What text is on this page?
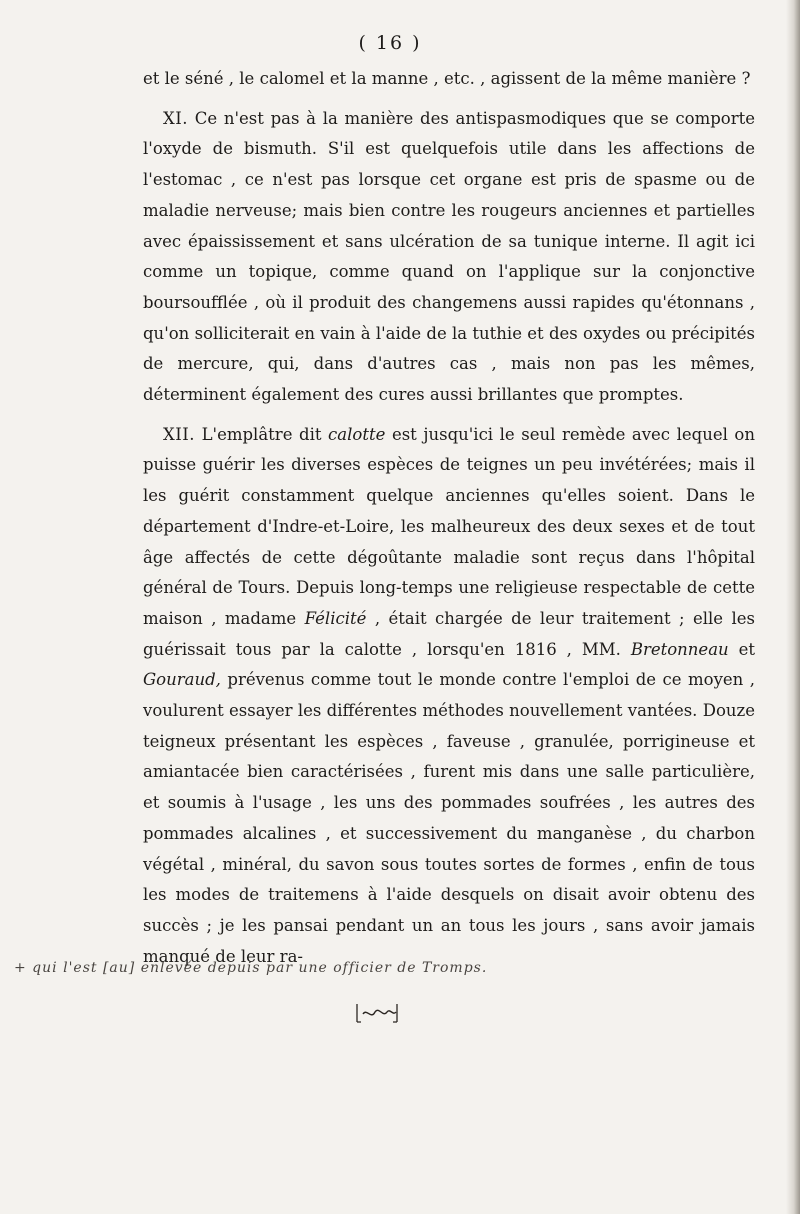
( 16 )

et le séné , le calomel et la manne , etc. , agissent de la même manière ?

XI. Ce n'est pas à la manière des antispasmodiques que se comporte l'oxyde de bismuth. S'il est quelquefois utile dans les affections de l'estomac , ce n'est pas lorsque cet organe est pris de spasme ou de maladie nerveuse; mais bien contre les rougeurs anciennes et partielles avec épaississement et sans ulcération de sa tunique interne. Il agit ici comme un topique, comme quand on l'applique sur la conjonctive boursoufflée , où il produit des changemens aussi rapides qu'étonnans , qu'on solliciterait en vain à l'aide de la tuthie et des oxydes ou précipités de mercure, qui, dans d'autres cas , mais non pas les mêmes, déterminent également des cures aussi brillantes que promptes.

XII. L'emplâtre dit calotte est jusqu'ici le seul remède avec lequel on puisse guérir les diverses espèces de teignes un peu invétérées; mais il les guérit constamment quelque anciennes qu'elles soient. Dans le département d'Indre-et-Loire, les malheureux des deux sexes et de tout âge affectés de cette dégoûtante maladie sont reçus dans l'hôpital général de Tours. Depuis long-temps une religieuse respectable de cette maison , madame Félicité , était chargée de leur traitement ; elle les guérissait tous par la calotte , lorsqu'en 1816 , MM. Bretonneau et Gouraud, prévenus comme tout le monde contre l'emploi de ce moyen , voulurent essayer les différentes méthodes nouvellement vantées. Douze teigneux présentant les espèces , faveuse , granulée, porrigineuse et amiantacée bien caractérisées , furent mis dans une salle particulière, et soumis à l'usage , les uns des pommades soufrées , les autres des pommades alcalines , et successivement du manganèse , du charbon végétal , minéral, du savon sous toutes sortes de formes , enfin de tous les modes de traitemens à l'aide desquels on disait avoir obtenu des succès ; je les pansai pendant un an tous les jours , sans avoir jamais manqué de leur ra-

+ qui l'est [au] enlevée depuis par une officier de Tromps.
